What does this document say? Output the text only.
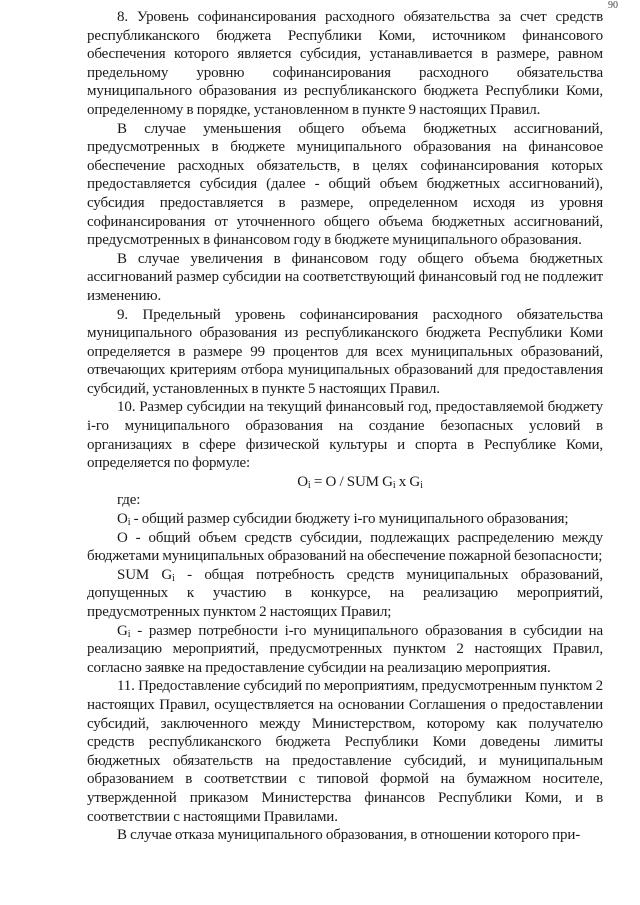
90

8. Уровень софинансирования расходного обязательства за счет средств республиканского бюджета Республики Коми, источником финансового обеспечения которого является субсидия, устанавливается в размере, равном предельному уровню софинансирования расходного обязательства муниципального образования из республиканского бюджета Республики Коми, определенному в порядке, установленном в пункте 9 настоящих Правил.

В случае уменьшения общего объема бюджетных ассигнований, предусмотренных в бюджете муниципального образования на финансовое обеспечение расходных обязательств, в целях софинансирования которых предоставляется субсидия (далее - общий объем бюджетных ассигнований), субсидия предоставляется в размере, определенном исходя из уровня софинансирования от уточненного общего объема бюджетных ассигнований, предусмотренных в финансовом году в бюджете муниципального образования.

В случае увеличения в финансовом году общего объема бюджетных ассигнований размер субсидии на соответствующий финансовый год не подлежит изменению.

9. Предельный уровень софинансирования расходного обязательства муниципального образования из республиканского бюджета Республики Коми определяется в размере 99 процентов для всех муниципальных образований, отвечающих критериям отбора муниципальных образований для предоставления субсидий, установленных в пункте 5 настоящих Правил.

10. Размер субсидии на текущий финансовый год, предоставляемой бюджету i-го муниципального образования на создание безопасных условий в организациях в сфере физической культуры и спорта в Республике Коми, определяется по формуле:

$O_i = О$ / SUM $G_i$ x $G_i$

где:

$О_i$ - общий размер субсидии бюджету i-го муниципального образования;

О - общий объем средств субсидии, подлежащих распределению между бюджетами муниципальных образований на обеспечение пожарной безопасности;

SUM $G_i$ - общая потребность средств муниципальных образований, допущенных к участию в конкурсе, на реализацию мероприятий, предусмотренных пунктом 2 настоящих Правил;

$G_i$ - размер потребности i-го муниципального образования в субсидии на реализацию мероприятий, предусмотренных пунктом 2 настоящих Правил, согласно заявке на предоставление субсидии на реализацию мероприятия.

11. Предоставление субсидий по мероприятиям, предусмотренным пунктом 2 настоящих Правил, осуществляется на основании Соглашения о предоставлении субсидий, заключенного между Министерством, которому как получателю средств республиканского бюджета Республики Коми доведены лимиты бюджетных обязательств на предоставление субсидий, и муниципальным образованием в соответствии с типовой формой на бумажном носителе, утвержденной приказом Министерства финансов Республики Коми, и в соответствии с настоящими Правилами.

В случае отказа муниципального образования, в отношении которого при-
